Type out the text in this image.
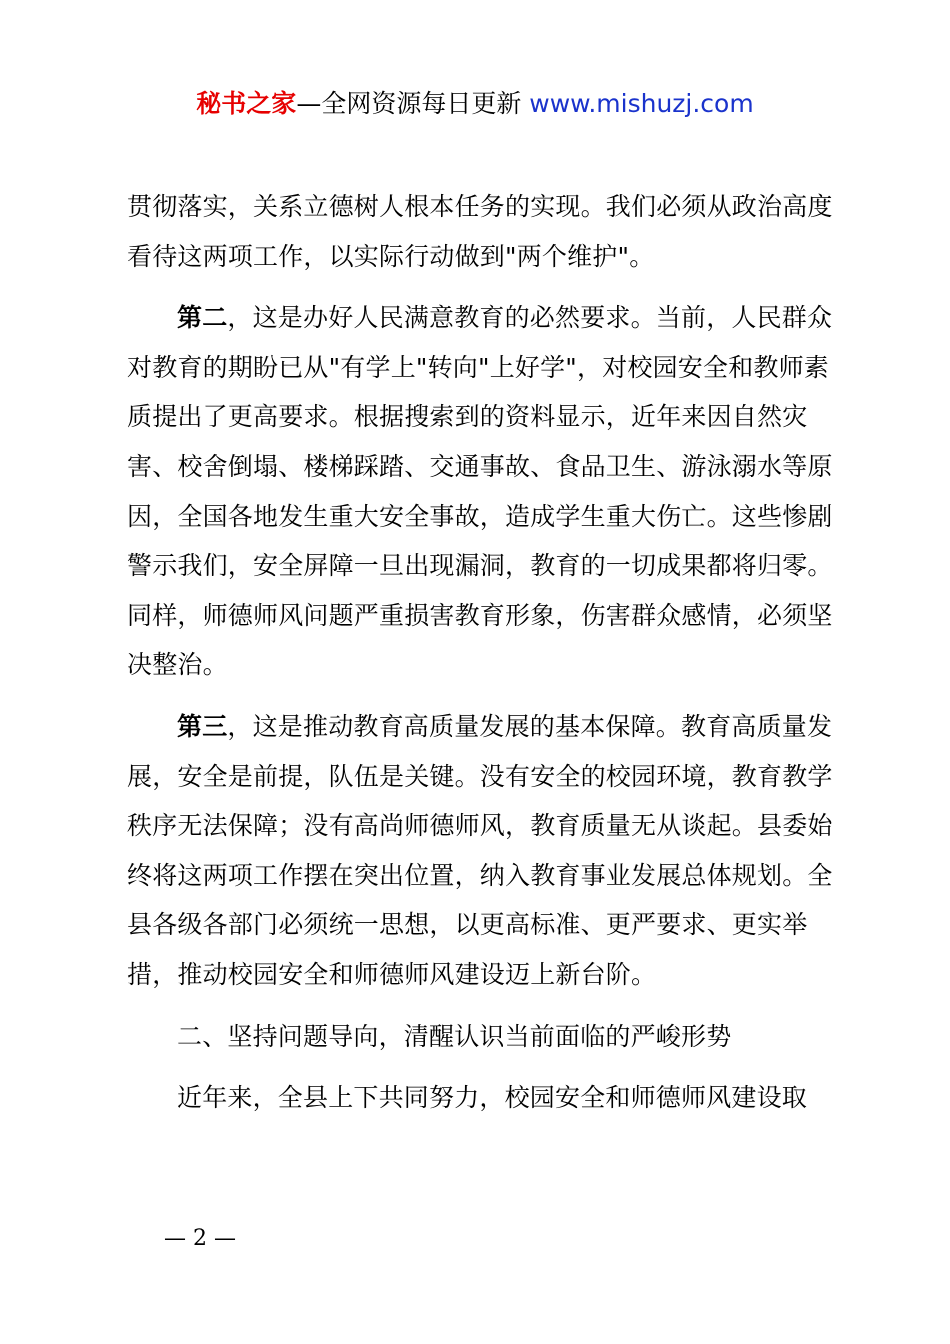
秘书之家—全网资源每日更新 www.mishuzj.com

贯彻落实，关系立德树人根本任务的实现。我们必须从政治高度看待这两项工作，以实际行动做到"两个维护"。

第二，这是办好人民满意教育的必然要求。当前，人民群众对教育的期盼已从"有学上"转向"上好学"，对校园安全和教师素质提出了更高要求。根据搜索到的资料显示，近年来因自然灾害、校舍倒塌、楼梯踩踏、交通事故、食品卫生、游泳溺水等原因，全国各地发生重大安全事故，造成学生重大伤亡。这些惨剧警示我们，安全屏障一旦出现漏洞，教育的一切成果都将归零。同样，师德师风问题严重损害教育形象，伤害群众感情，必须坚决整治。

第三，这是推动教育高质量发展的基本保障。教育高质量发展，安全是前提，队伍是关键。没有安全的校园环境，教育教学秩序无法保障；没有高尚师德师风，教育质量无从谈起。县委始终将这两项工作摆在突出位置，纳入教育事业发展总体规划。全县各级各部门必须统一思想，以更高标准、更严要求、更实举措，推动校园安全和师德师风建设迈上新台阶。

二、坚持问题导向，清醒认识当前面临的严峻形势

近年来，全县上下共同努力，校园安全和师德师风建设取

— 2 —
